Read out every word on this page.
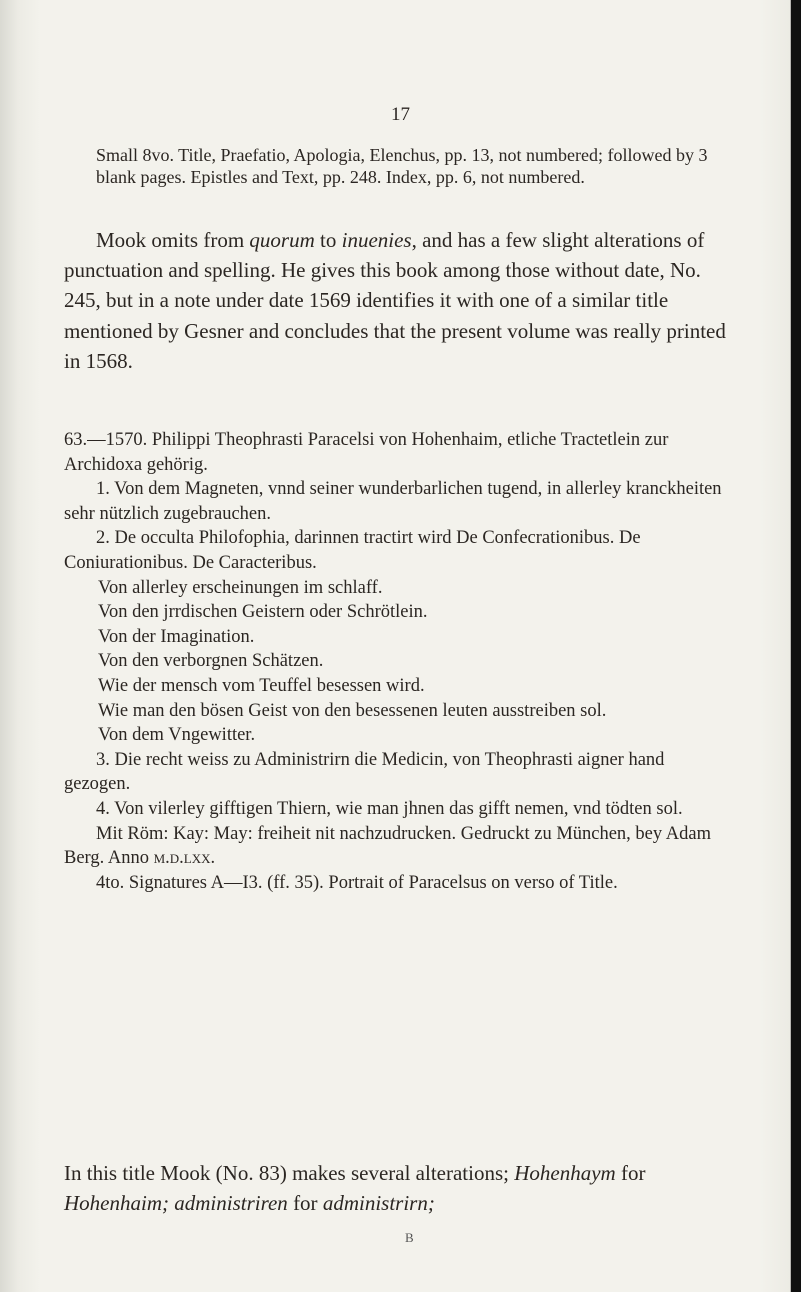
17

Small 8vo. Title, Praefatio, Apologia, Elenchus, pp. 13, not numbered; followed by 3 blank pages. Epistles and Text, pp. 248. Index, pp. 6, not numbered.

Mook omits from quorum to inuenies, and has a few slight alterations of punctuation and spelling. He gives this book among those without date, No. 245, but in a note under date 1569 identifies it with one of a similar title mentioned by Gesner and concludes that the present volume was really printed in 1568.

63.—1570. Philippi Theophrasti Paracelsi von Hohenhaim, etliche Tractetlein zur Archidoxa gehörig.

1. Von dem Magneten, vnnd seiner wunderbarlichen tugend, in allerley kranckheiten sehr nützlich zugebrauchen.

2. De occulta Philofophia, darinnen tractirt wird De Confecrationibus. De Coniurationibus. De Caracteribus.

Von allerley erscheinungen im schlaff.

Von den jrrdischen Geistern oder Schrötlein.

Von der Imagination.

Von den verborgnen Schätzen.

Wie der mensch vom Teuffel besessen wird.

Wie man den bösen Geist von den besessenen leuten ausstreiben sol.

Von dem Vngewitter.

3. Die recht weiss zu Administrirn die Medicin, von Theophrasti aigner hand gezogen.

4. Von vilerley gifftigen Thiern, wie man jhnen das gifft nemen, vnd tödten sol.

Mit Röm: Kay: May: freiheit nit nachzudrucken. Gedruckt zu München, bey Adam Berg. Anno m.d.lxx.

4to. Signatures A—I3. (ff. 35). Portrait of Paracelsus on verso of Title.

In this title Mook (No. 83) makes several alterations; Hohenhaym for Hohenhaim; administriren for administrirn;

B
